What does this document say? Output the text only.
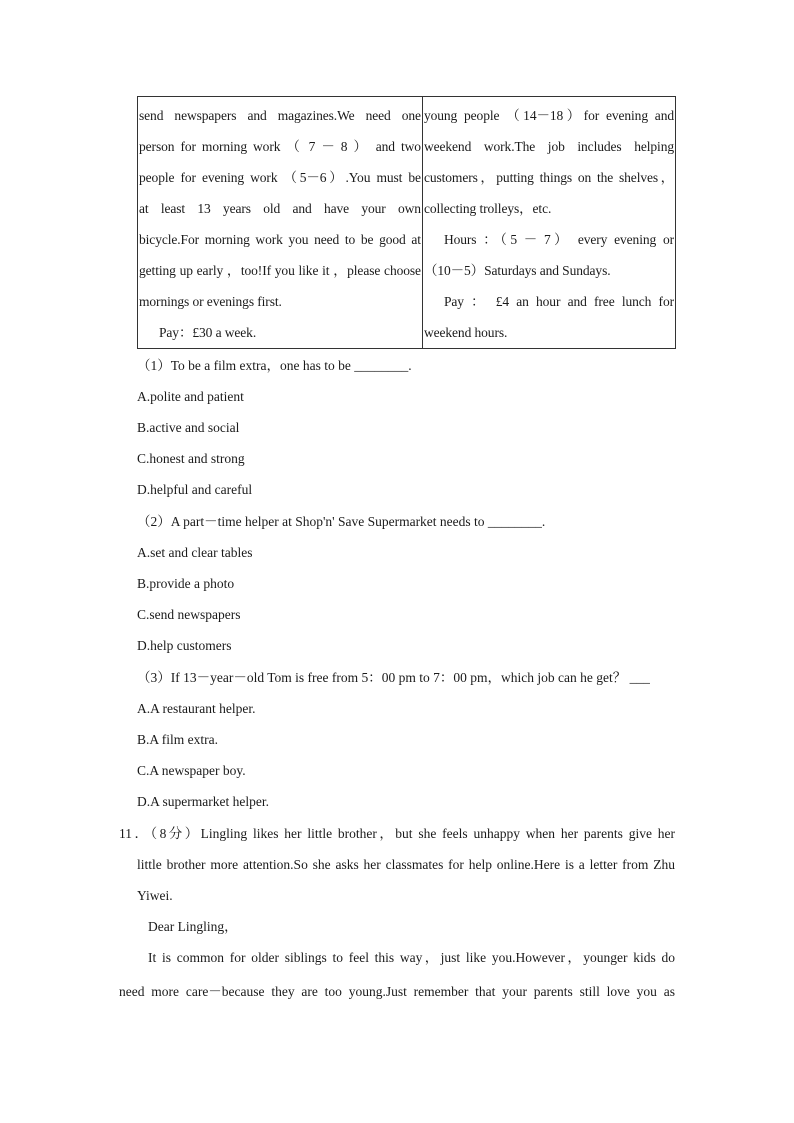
send newspapers and magazines.We need one
person for morning work （ 7 － 8 ） and two
people for evening work （5－6）.You must be
at least 13 years old and have your own
bicycle.For morning work you need to be good at
getting up early ，too!If you like it ，please choose
mornings or evenings first.
Pay：£30 a week.
young people （14－18）for evening and
weekend work.The job includes helping
customers，putting things on the shelves，
collecting trolleys，etc.
Hours ：（5 － 7） every evening or
（10－5）Saturdays and Sundays.
Pay ： £4 an hour and free lunch for
weekend hours.
（1）To be a film extra，one has to be ________.
A.polite and patient
B.active and social
C.honest and strong
D.helpful and careful
（2）A part－time helper at Shop'n' Save Supermarket needs to ________.
A.set and clear tables
B.provide a photo
C.send newspapers
D.help customers
（3）If 13－year－old Tom is free from 5：00 pm to 7：00 pm，which job can he get？ ___
A.A restaurant helper.
B.A film extra.
C.A newspaper boy.
D.A supermarket helper.
11．（8分）Lingling likes her little brother，but she feels unhappy when her parents give her
little brother more attention.So she asks her classmates for help online.Here is a letter from Zhu
Yiwei.
Dear Lingling，
It is common for older siblings to feel this way，just like you.However，younger kids do
need more care－because they are too young.Just remember that your parents still love you as
